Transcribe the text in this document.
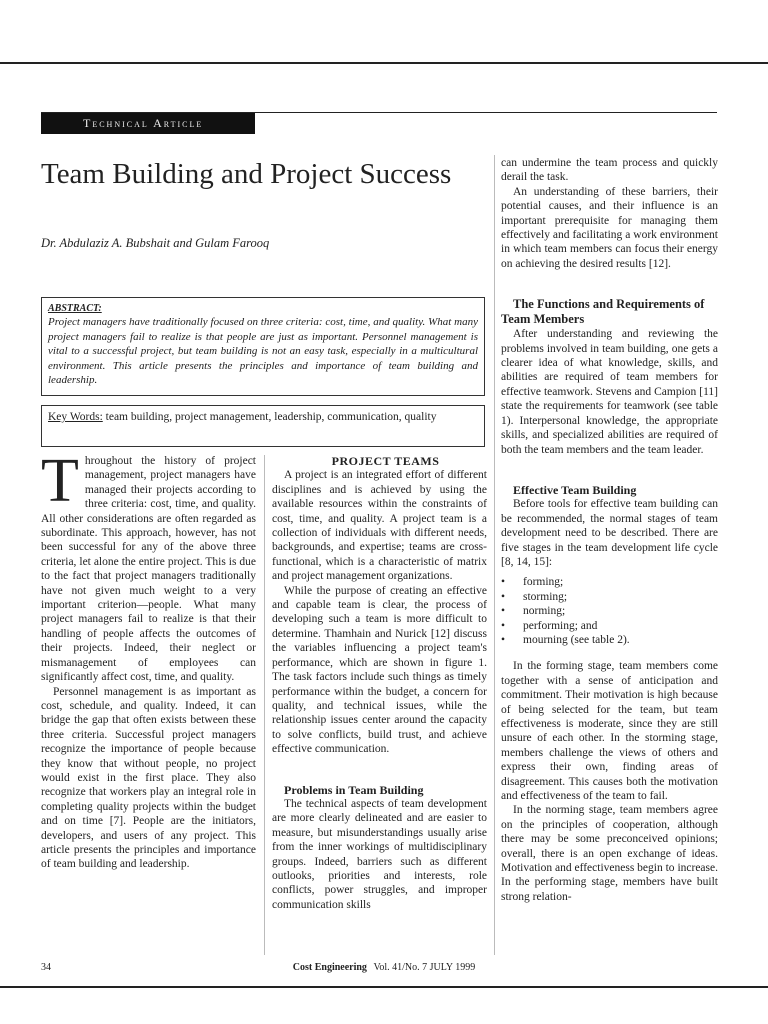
Technical Article
Team Building and Project Success

Dr. Abdulaziz A. Bubshait and Gulam Farooq

ABSTRACT:
Project managers have traditionally focused on three criteria: cost, time, and quality. What many project managers fail to realize is that people are just as important. Personnel management is vital to a successful project, but team building is not an easy task, especially in a multicultural environment. This article presents the principles and importance of team building and leadership.
Key Words: team building, project management, leadership, communication, quality

Throughout the history of project management, project managers have managed their projects according to three criteria: cost, time, and quality. All other considerations are often regarded as subordinate. This approach, however, has not been successful for any of the above three criteria, let alone the entire project. This is due to the fact that project managers traditionally have not given much weight to a very important criterion—people. What many project managers fail to realize is that their handling of people affects the outcomes of their projects. Indeed, their neglect or mismanagement of employees can significantly affect cost, time, and quality.

Personnel management is as important as cost, schedule, and quality. Indeed, it can bridge the gap that often exists between these three criteria. Successful project managers recognize the importance of people because they know that without people, no project would exist in the first place. They also recognize that workers play an integral role in completing quality projects within the budget and on time [7]. People are the initiators, developers, and users of any project. This article presents the principles and importance of team building and leadership.

PROJECT TEAMS

A project is an integrated effort of different disciplines and is achieved by using the available resources within the constraints of cost, time, and quality. A project team is a collection of individuals with different needs, backgrounds, and expertise; teams are cross-functional, which is a characteristic of matrix and project management organizations.

While the purpose of creating an effective and capable team is clear, the process of developing such a team is more difficult to determine. Thamhain and Nurick [12] discuss the variables influencing a project team's performance, which are shown in figure 1. The task factors include such things as timely performance within the budget, a concern for quality, and technical issues, while the relationship issues center around the capacity to solve conflicts, build trust, and achieve effective communication.

Problems in Team Building

The technical aspects of team development are more clearly delineated and are easier to measure, but misunderstandings usually arise from the inner workings of multidisciplinary groups. Indeed, barriers such as different outlooks, priorities and interests, role conflicts, power struggles, and improper communication skills

can undermine the team process and quickly derail the task.

An understanding of these barriers, their potential causes, and their influence is an important prerequisite for managing them effectively and facilitating a work environment in which team members can focus their energy on achieving the desired results [12].

The Functions and Requirements of Team Members

After understanding and reviewing the problems involved in team building, one gets a clearer idea of what knowledge, skills, and abilities are required of team members for effective teamwork. Stevens and Campion [11] state the requirements for teamwork (see table 1). Interpersonal knowledge, the appropriate skills, and specialized abilities are required of both the team members and the team leader.

Effective Team Building

Before tools for effective team building can be recommended, the normal stages of team development need to be described. There are five stages in the team development life cycle [8, 14, 15]:

• forming;
• storming;
• norming;
• performing; and
• mourning (see table 2).

In the forming stage, team members come together with a sense of anticipation and commitment. Their motivation is high because of being selected for the team, but team effectiveness is moderate, since they are still unsure of each other. In the storming stage, members challenge the views of others and express their own, finding areas of disagreement. This causes both the motivation and effectiveness of the team to fail.

In the norming stage, team members agree on the principles of cooperation, although there may be some preconceived opinions; overall, there is an open exchange of ideas. Motivation and effectiveness begin to increase. In the performing stage, members have built strong relation-

34	Cost Engineering Vol. 41/No. 7 JULY 1999
